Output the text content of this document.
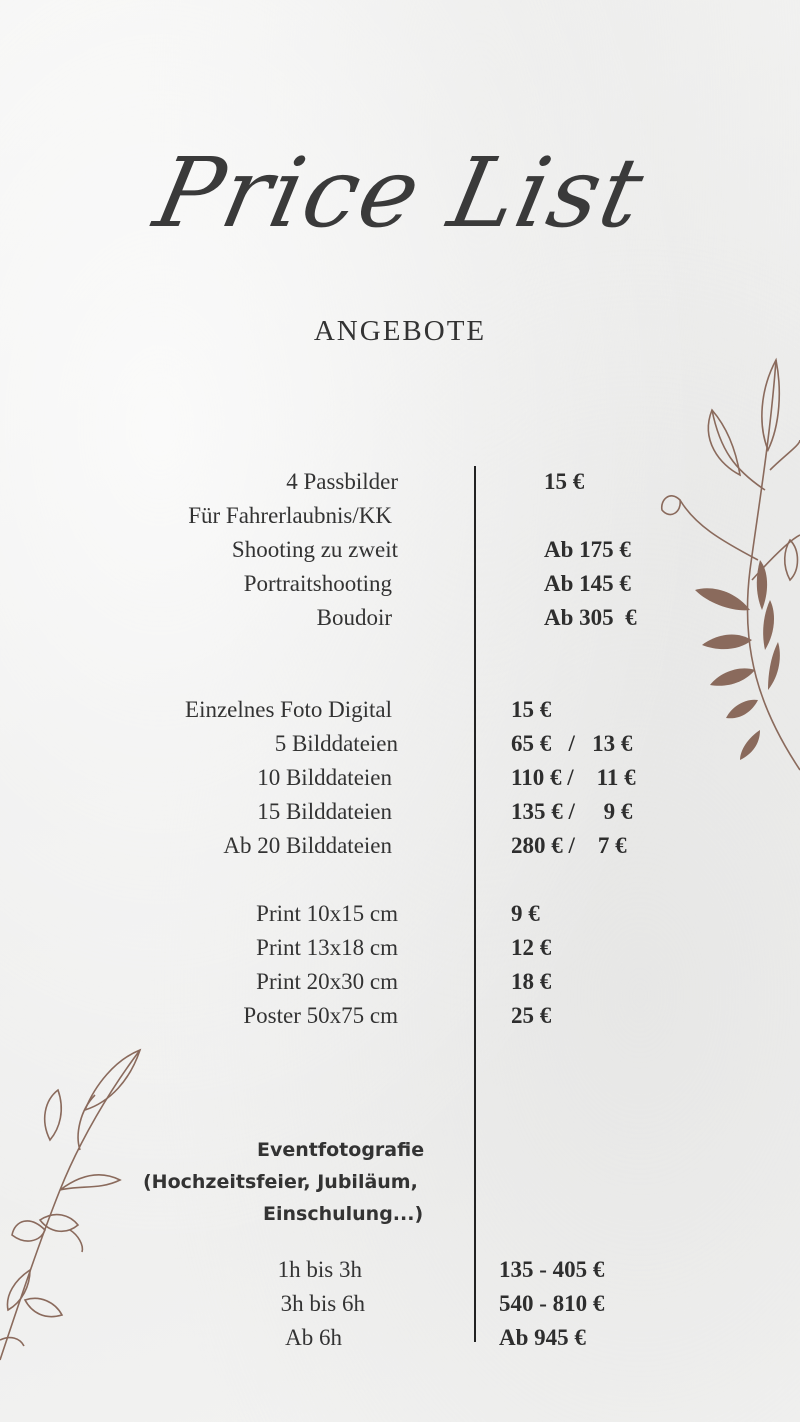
Price List
ANGEBOTE
4 Passbilder	15 €
Für Fahrerlaubnis/KK
Shooting zu zweit	Ab 175 €
Portraitshooting	Ab 145 €
Boudoir	Ab 305  €
Einzelnes Foto Digital	15 €
5 Bilddateien	65 €   /   13 €
10 Bilddateien	110 € /    11 €
15 Bilddateien	135 € /     9 €
Ab 20 Bilddateien	280 € /    7 €
Print 10x15 cm	9 €
Print 13x18 cm	12 €
Print 20x30 cm	18 €
Poster 50x75 cm	25 €
Eventfotografie
(Hochzeitsfeier, Jubiläum,
Einschulung...)
1h bis 3h	135 - 405 €
3h bis 6h	540 - 810 €
Ab 6h	Ab 945 €
